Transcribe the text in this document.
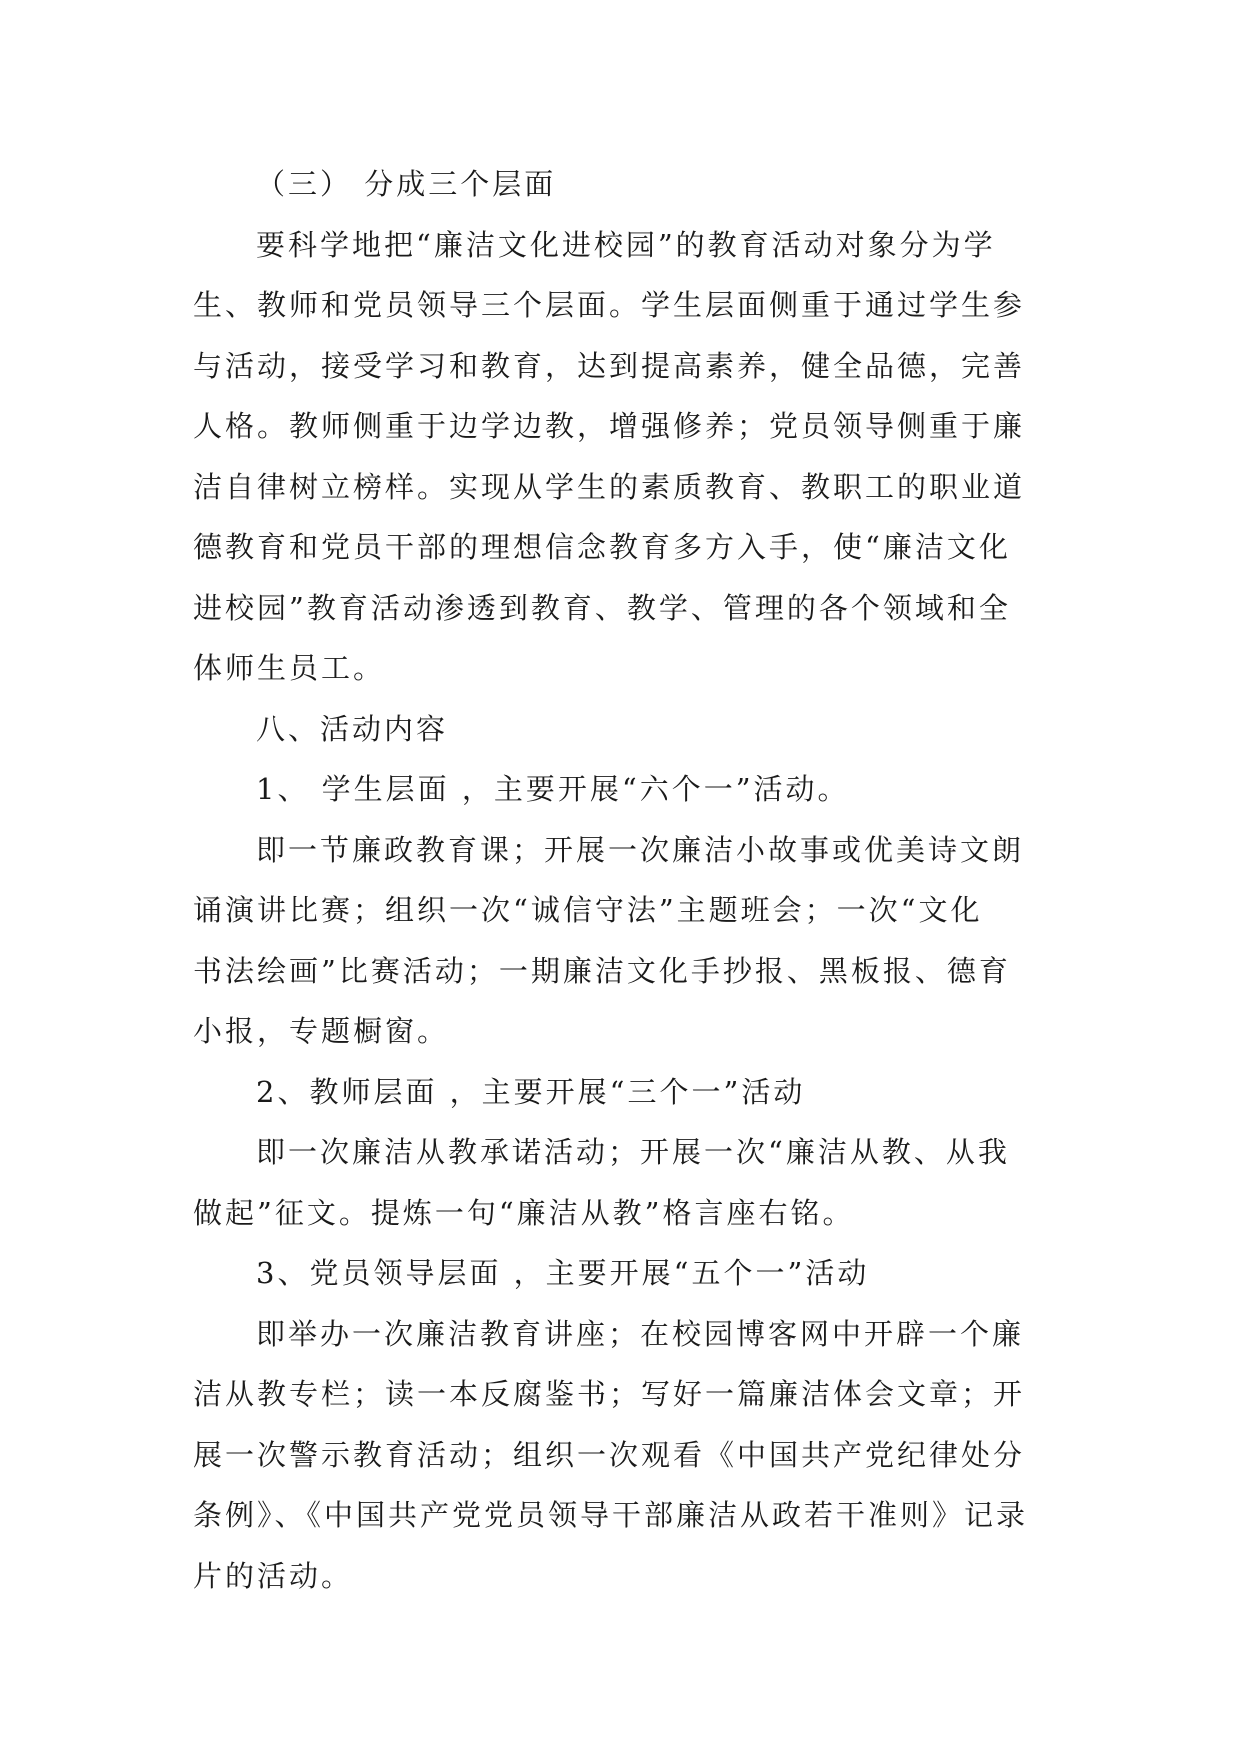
（三） 分成三个层面
要科学地把“廉洁文化进校园”的教育活动对象分为学
生、教师和党员领导三个层面。学生层面侧重于通过学生参
与活动，接受学习和教育，达到提高素养，健全品德，完善
人格。教师侧重于边学边教，增强修养；党员领导侧重于廉
洁自律树立榜样。实现从学生的素质教育、教职工的职业道
德教育和党员干部的理想信念教育多方入手，使“廉洁文化
进校园”教育活动渗透到教育、教学、管理的各个领域和全
体师生员工。
八、活动内容
1、 学生层面 ，主要开展“六个一”活动。
即一节廉政教育课；开展一次廉洁小故事或优美诗文朗
诵演讲比赛；组织一次“诚信守法”主题班会；一次“文化
书法绘画”比赛活动；一期廉洁文化手抄报、黑板报、德育
小报，专题橱窗。
2、教师层面 ，主要开展“三个一”活动
即一次廉洁从教承诺活动；开展一次“廉洁从教、从我
做起”征文。提炼一句“廉洁从教”格言座右铭。
3、党员领导层面 ，主要开展“五个一”活动
即举办一次廉洁教育讲座；在校园博客网中开辟一个廉
洁从教专栏；读一本反腐鉴书；写好一篇廉洁体会文章；开
展一次警示教育活动；组织一次观看《中国共产党纪律处分
条例》、《中国共产党党员领导干部廉洁从政若干准则》记录
片的活动。
